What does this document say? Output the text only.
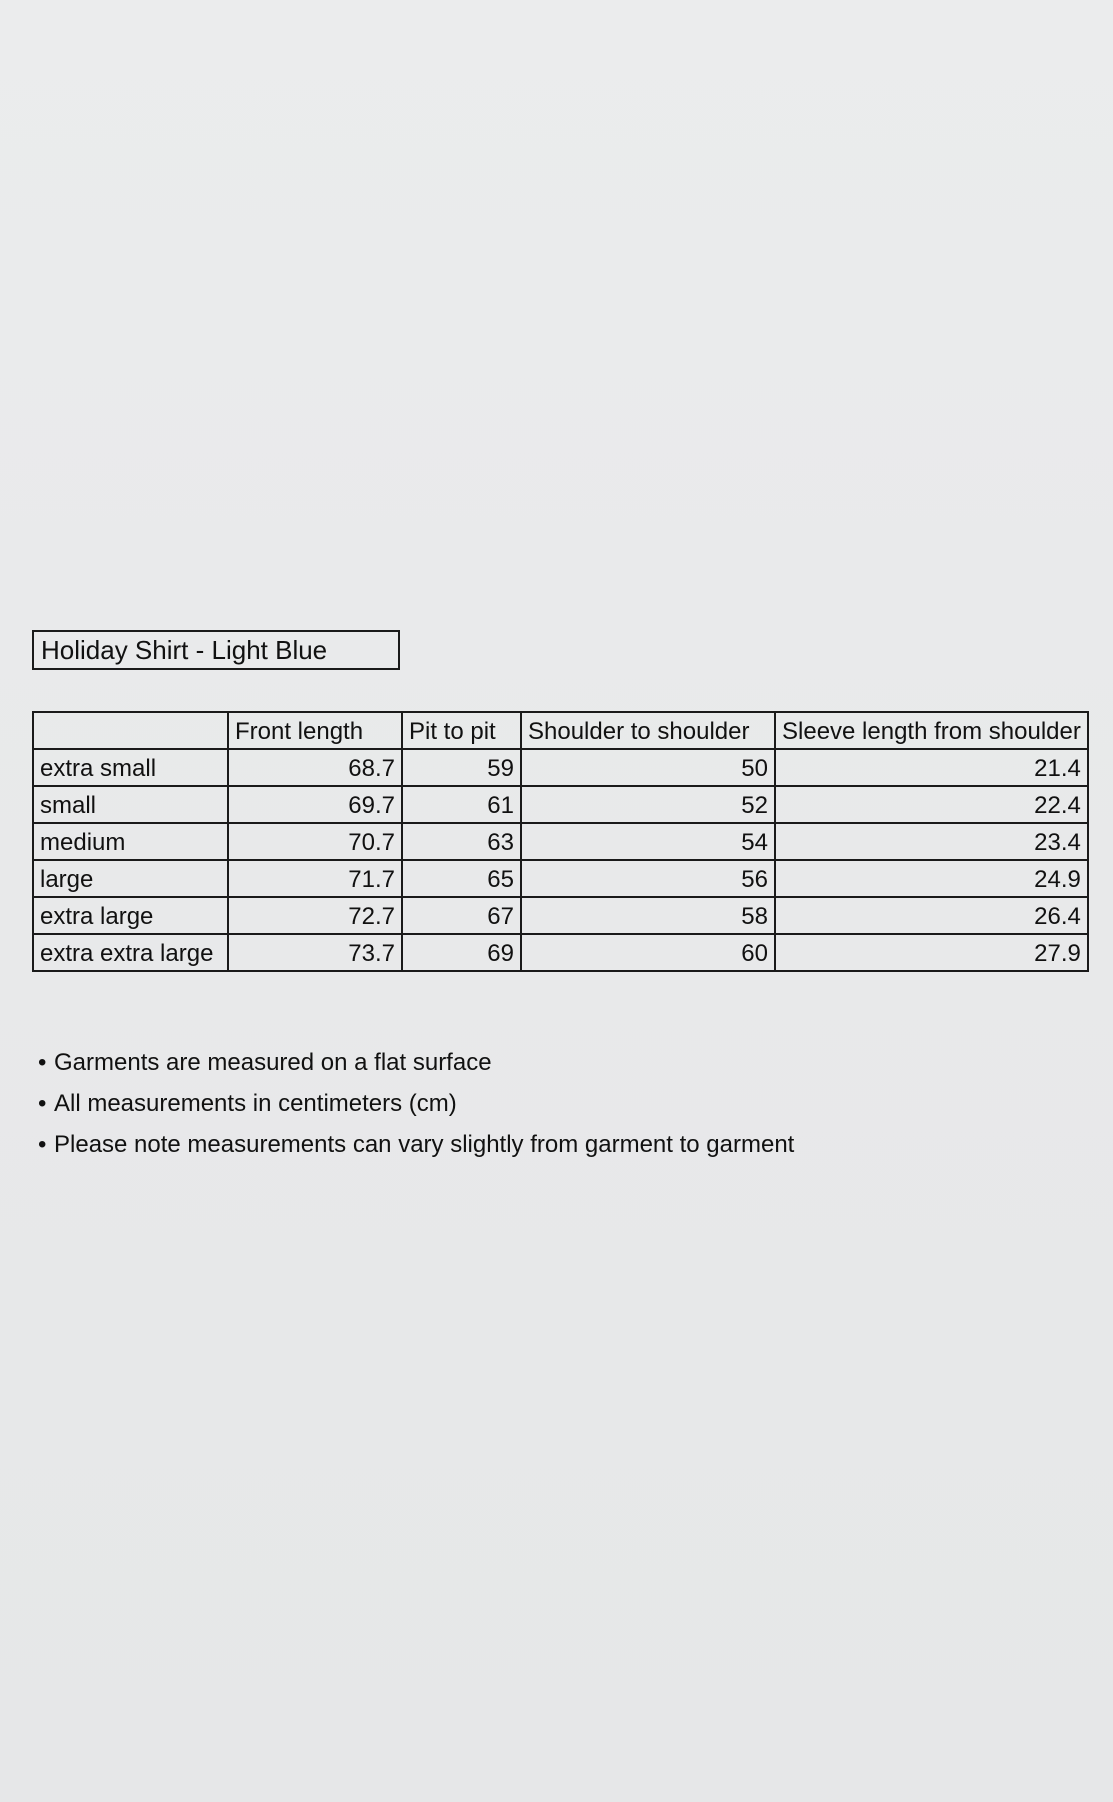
Holiday Shirt - Light Blue
	Front length	Pit to pit	Shoulder to shoulder	Sleeve length from shoulder
extra small	68.7	59	50	21.4
small	69.7	61	52	22.4
medium	70.7	63	54	23.4
large	71.7	65	56	24.9
extra large	72.7	67	58	26.4
extra extra large	73.7	69	60	27.9
• Garments are measured on a flat surface
• All measurements in centimeters (cm)
• Please note measurements can vary slightly from garment to garment
